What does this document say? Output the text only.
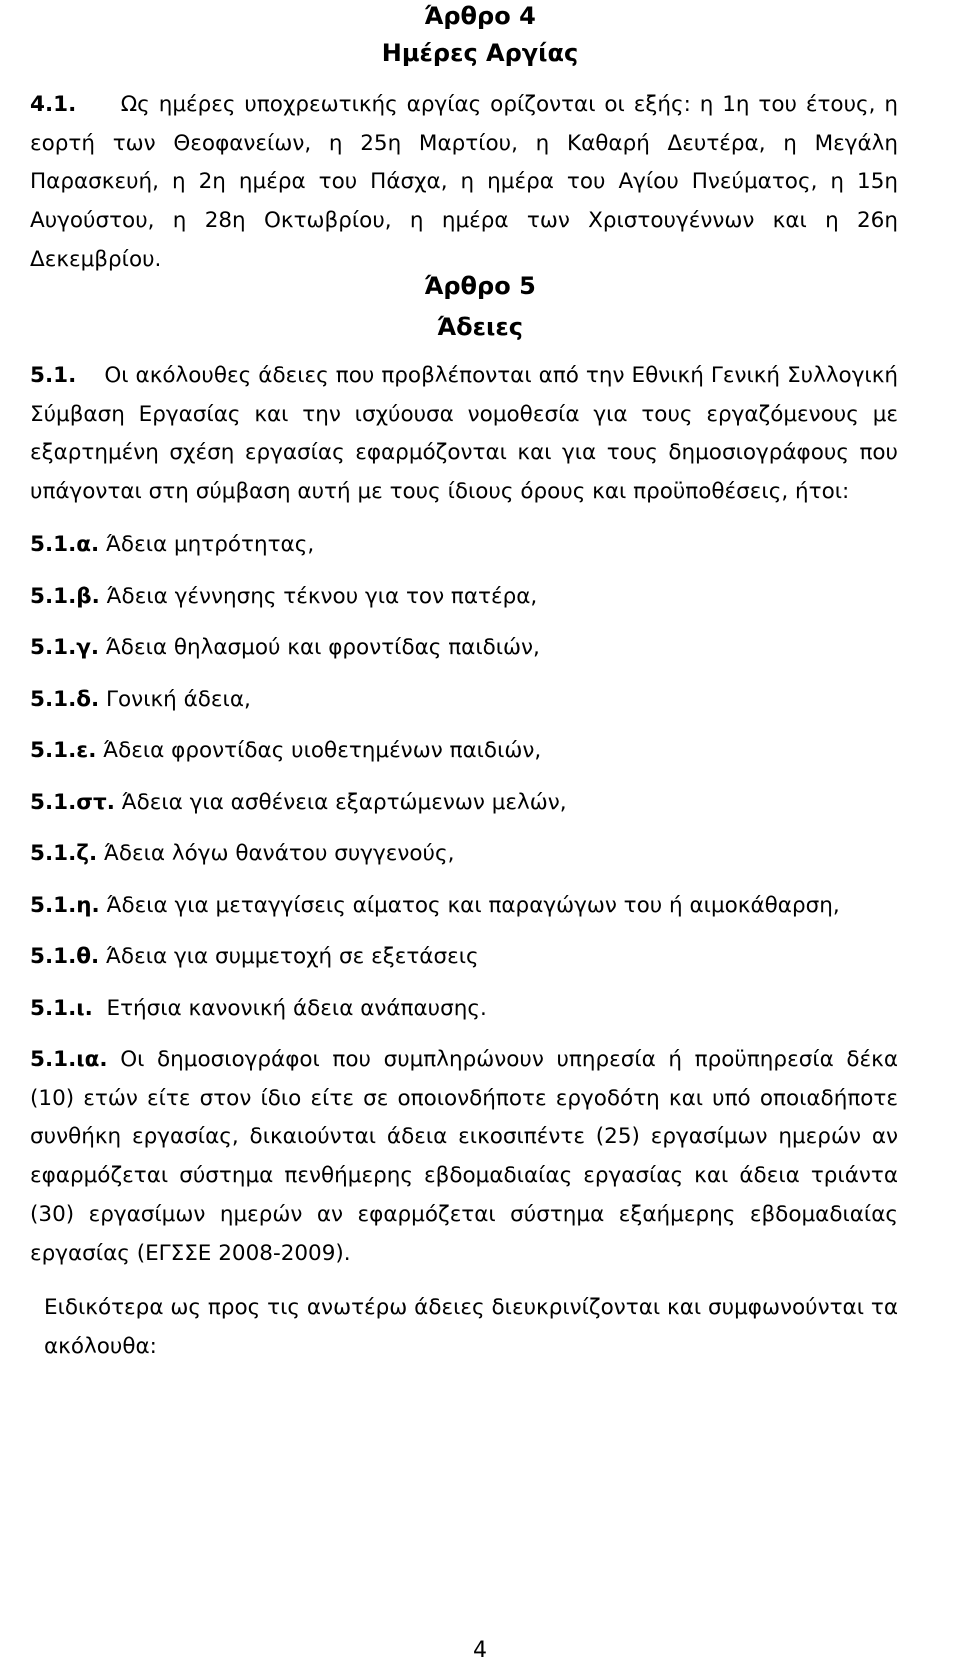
Άρθρο 4

Ημέρες Αργίας

4.1. Ως ημέρες υποχρεωτικής αργίας ορίζονται οι εξής: η 1η του έτους, η εορτή των Θεοφανείων, η 25η Μαρτίου, η Καθαρή Δευτέρα, η Μεγάλη Παρασκευή, η 2η ημέρα του Πάσχα, η ημέρα του Αγίου Πνεύματος, η 15η Αυγούστου, η 28η Οκτωβρίου, η ημέρα των Χριστουγέννων και η 26η Δεκεμβρίου.

Άρθρο 5

Άδειες

5.1. Οι ακόλουθες άδειες που προβλέπονται από την Εθνική Γενική Συλλογική Σύμβαση Εργασίας και την ισχύουσα νομοθεσία για τους εργαζόμενους με εξαρτημένη σχέση εργασίας εφαρμόζονται και για τους δημοσιογράφους που υπάγονται στη σύμβαση αυτή με τους ίδιους όρους και προϋποθέσεις, ήτοι:

5.1.α. Άδεια μητρότητας,

5.1.β. Άδεια γέννησης τέκνου για τον πατέρα,

5.1.γ. Άδεια θηλασμού και φροντίδας παιδιών,

5.1.δ. Γονική άδεια,

5.1.ε. Άδεια φροντίδας υιοθετημένων παιδιών,

5.1.στ. Άδεια για ασθένεια εξαρτώμενων μελών,

5.1.ζ. Άδεια λόγω θανάτου συγγενούς,

5.1.η. Άδεια για μεταγγίσεις αίματος και παραγώγων του ή αιμοκάθαρση,

5.1.θ. Άδεια για συμμετοχή σε εξετάσεις

5.1.ι. Ετήσια κανονική άδεια ανάπαυσης.

5.1.ια. Οι δημοσιογράφοι που συμπληρώνουν υπηρεσία ή προϋπηρεσία δέκα (10) ετών είτε στον ίδιο είτε σε οποιονδήποτε εργοδότη και υπό οποιαδήποτε συνθήκη εργασίας, δικαιούνται άδεια εικοσιπέντε (25) εργασίμων ημερών αν εφαρμόζεται σύστημα πενθήμερης εβδομαδιαίας εργασίας και άδεια τριάντα (30) εργασίμων ημερών αν εφαρμόζεται σύστημα εξαήμερης εβδομαδιαίας εργασίας (ΕΓΣΣΕ 2008-2009).

Ειδικότερα ως προς τις ανωτέρω άδειες διευκρινίζονται και συμφωνούνται τα ακόλουθα:

4
